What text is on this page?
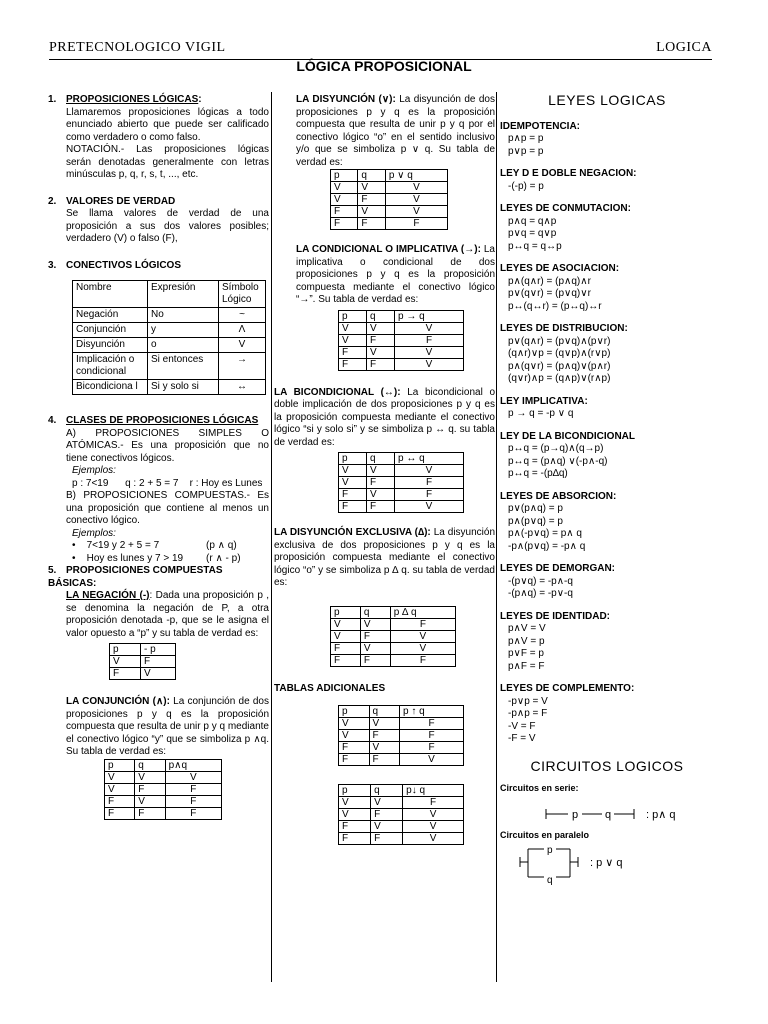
PRETECNOLOGICO VIGIL	LOGICA
LÓGICA PROPOSICIONAL
1. PROPOSICIONES LÓGICAS:
Llamaremos proposiciones lógicas a todo enunciado abierto que puede ser calificado como verdadero o como falso.
NOTACIÓN.- Las proposiciones lógicas serán denotadas generalmente con letras minúsculas p, q, r, s, t, ..., etc.
2. VALORES DE VERDAD
Se llama valores de verdad de una proposición a sus dos valores posibles; verdadero (V) o falso (F),
3. CONECTIVOS LÓGICOS
Nombre	Expresión	Símbolo Lógico
Negación	No	~
Conjunción	y	Λ
Disyunción	o	V
Implicación o condicional	Si entonces	→
Bicondiciona l	Si y solo si	↔
4. CLASES DE PROPOSICIONES LÓGICAS
A) PROPOSICIONES SIMPLES O ATÓMICAS.- Es una proposición que no tiene conectivos lógicos.
Ejemplos:
p : 7<19 q : 2 + 5 = 7 r : Hoy es Lunes
B) PROPOSICIONES COMPUESTAS.- Es una proposición que contiene al menos un conectivo lógico.
Ejemplos:
•    7<19 y 2 + 5 = 7	(p ∧ q)
•    Hoy es lunes y 7 > 19 (r ∧ - p)
5. PROPOSICIONES COMPUESTAS BÁSICAS:
LA NEGACIÓN (-): Dada una proposición p , se denomina la negación de P, a otra proposición denotada -p, que se le asigna el valor opuesto a “p” y su tabla de verdad es:
p	- p
V	F
F	V
LA CONJUNCIÓN (∧): La conjunción de dos proposiciones p y q es la proposición compuesta que resulta de unir p y q mediante el conectivo lógico “y” que se simboliza p ∧q. Su tabla de verdad es:
p	q	p∧q
V	V	V
V	F	F
F	V	F
F	F	F
LA DISYUNCIÓN (∨): La disyunción de dos proposiciones p y q es la proposición compuesta que resulta de unir p y q por el conectivo lógico “o” en el sentido inclusivo y/o que se simboliza p ∨ q. Su tabla de verdad es:
p	q	p ∨ q
V	V	V
V	F	V
F	V	V
F	F	F
LA CONDICIONAL O IMPLICATIVA (→): La implicativa o condicional de dos proposiciones p y q es la proposición compuesta mediante el conectivo lógico “→”. Su tabla de verdad es:
p	q	p → q
V	V	V
V	F	F
F	V	V
F	F	V
LA BICONDICIONAL (↔): La bicondicional o doble implicación de dos proposiciones p y q es la proposición compuesta mediante el conectivo lógico “si y solo si” y se simboliza p ↔ q. su tabla de verdad es:
p	q	p ↔ q
V	V	V
V	F	F
F	V	F
F	F	V
LA DISYUNCIÓN EXCLUSIVA (∆): La disyunción exclusiva de dos proposiciones p y q es la proposición compuesta mediante el conectivo lógico “o” y se simboliza p ∆ q. su tabla de verdad es:
p	q	p ∆ q
V	V	F
V	F	V
F	V	V
F	F	F
TABLAS ADICIONALES
p	q	p ↑ q
V	V	F
V	F	F
F	V	F
F	F	V
p	q	p↓ q
V	V	F
V	F	V
F	V	V
F	F	V
LEYES LOGICAS
IDEMPOTENCIA:
p∧p = p
p∨p = p
LEY D E DOBLE NEGACION:
-(-p) = p
LEYES DE CONMUTACION:
p∧q = q∧p
p∨q = q∨p
p↔q = q↔p
LEYES DE ASOCIACION:
p∧(q∧r) = (p∧q)∧r
p∨(q∨r) = (p∨q)∨r
p↔(q↔r) = (p↔q)↔r
LEYES DE DISTRIBUCION:
p∨(q∧r) = (p∨q)∧(p∨r)
(q∧r)∨p = (q∨p)∧(r∨p)
p∧(q∨r) = (p∧q)∨(p∧r)
(q∨r)∧p = (q∧p)∨(r∧p)
LEY IMPLICATIVA:
p → q = -p ∨ q
LEY DE LA BICONDICIONAL
p↔q = (p→q)∧(q→p)
p↔q = (p∧q) ∨(-p∧-q)
p↔q = -(p∆q)
LEYES DE ABSORCION:
p∨(p∧q) = p
p∧(p∨q) = p
p∧(-p∨q) = p∧ q
-p∧(p∨q) = -p∧ q
LEYES DE DEMORGAN:
-(p∨q) = -p∧-q
-(p∧q) = -p∨-q
LEYES DE IDENTIDAD:
p∧V = V
p∧V = p
p∨F = p
p∧F = F
LEYES DE COMPLEMENTO:
-p∨p = V
-p∧p = F
-V = F
-F = V
CIRCUITOS LOGICOS
Circuitos en serie:
p q	: p∧ q
Circuitos en paralelo
p
q
: p ∨ q
